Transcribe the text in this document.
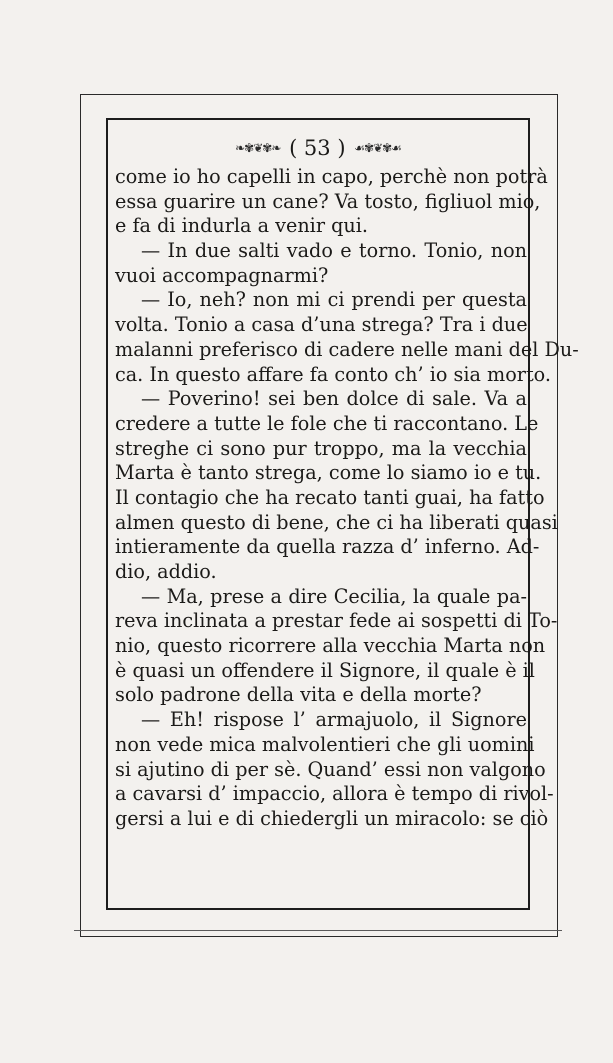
❧✾❦✾❧ ( 53 ) ☙✾❦✾☙
come io ho capelli in capo, perchè non potrà
essa guarire un cane? Va tosto, figliuol mio,
e fa di indurla a venir qui.
— In due salti vado e torno. Tonio, non
vuoi accompagnarmi?
— Io, neh? non mi ci prendi per questa
volta. Tonio a casa d’una strega? Tra i due
malanni preferisco di cadere nelle mani del Du-
ca. In questo affare fa conto ch’ io sia morto.
— Poverino! sei ben dolce di sale. Va a
credere a tutte le fole che ti raccontano. Le
streghe ci sono pur troppo, ma la vecchia
Marta è tanto strega, come lo siamo io e tu.
Il contagio che ha recato tanti guai, ha fatto
almen questo di bene, che ci ha liberati quasi
intieramente da quella razza d’ inferno. Ad-
dio, addio.
— Ma, prese a dire Cecilia, la quale pa-
reva inclinata a prestar fede ai sospetti di To-
nio, questo ricorrere alla vecchia Marta non
è quasi un offendere il Signore, il quale è il
solo padrone della vita e della morte?
— Eh! rispose l’ armajuolo, il Signore
non vede mica malvolentieri che gli uomini
si ajutino di per sè. Quand’ essi non valgono
a cavarsi d’ impaccio, allora è tempo di rivol-
gersi a lui e di chiedergli un miracolo: se ciò
